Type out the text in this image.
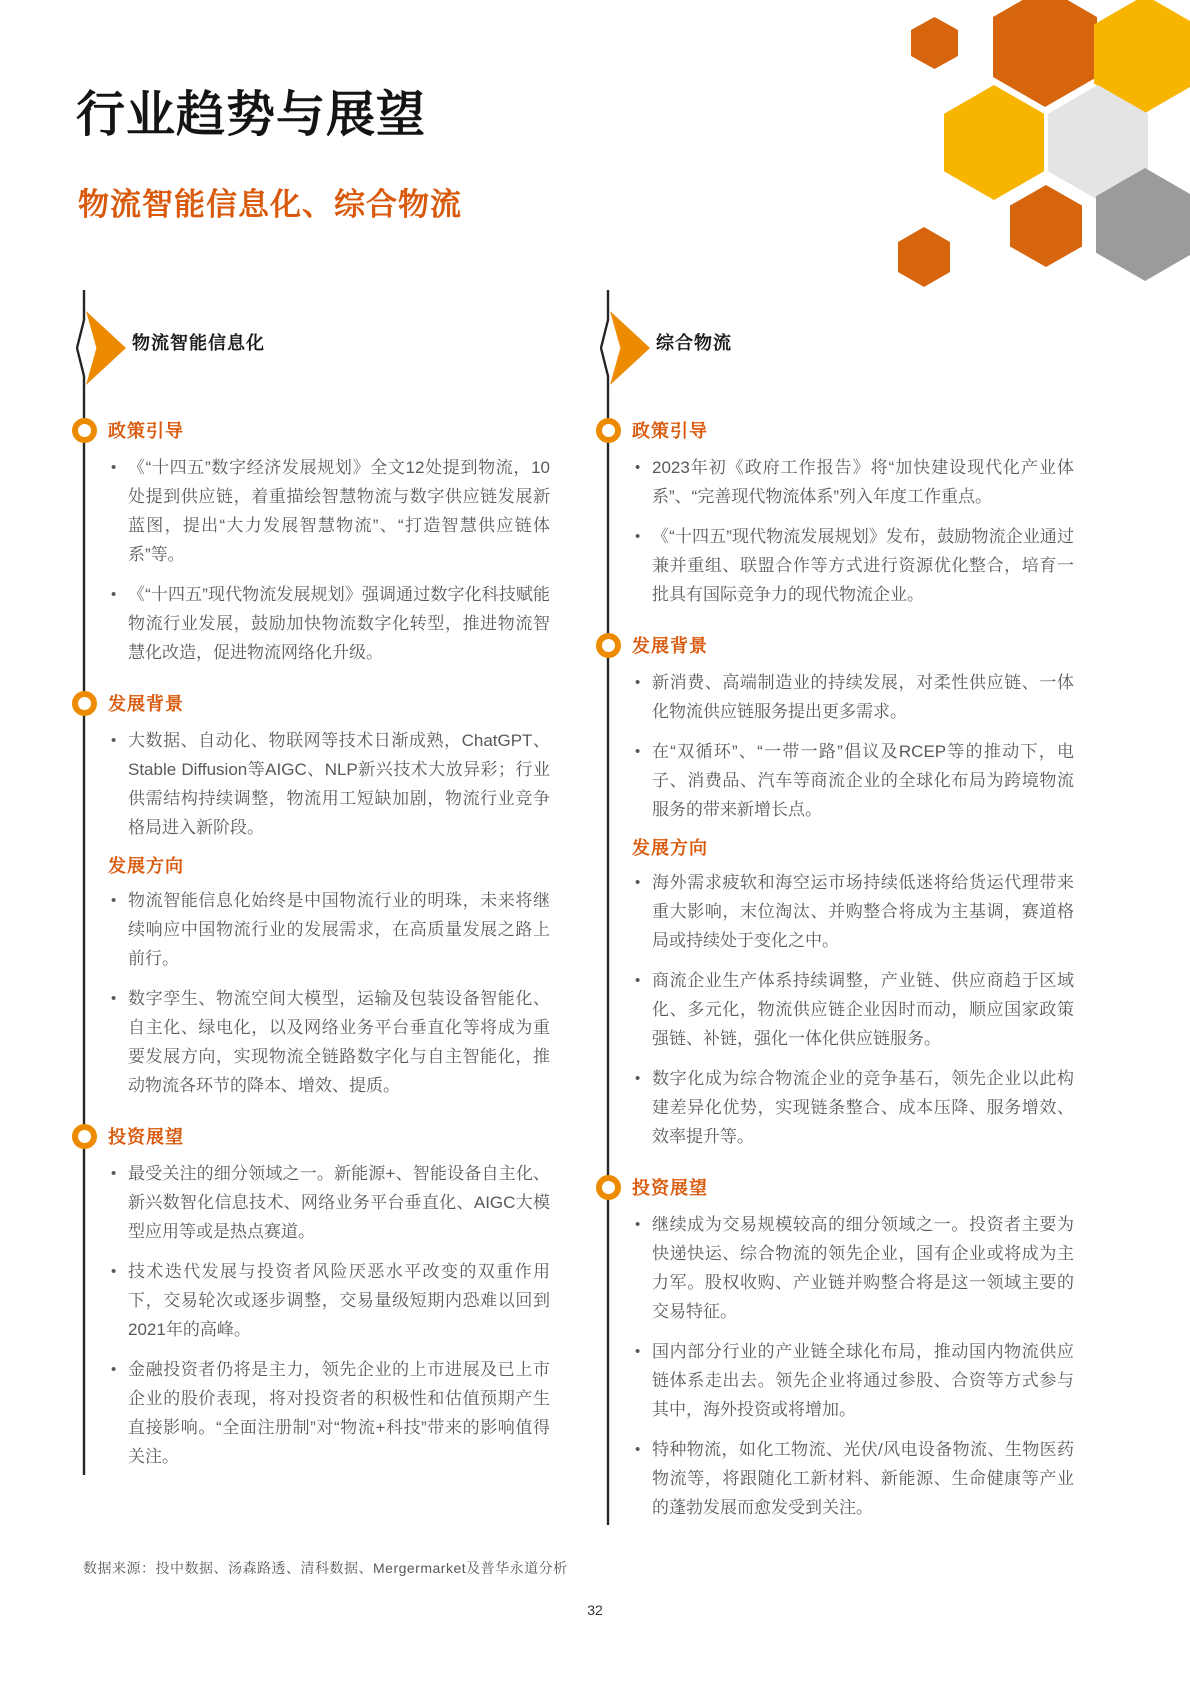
行业趋势与展望
物流智能信息化、综合物流
物流智能信息化
政策引导
• 《“十四五”数字经济发展规划》全文12处提到物流，10处提到供应链，着重描绘智慧物流与数字供应链发展新蓝图，提出“大力发展智慧物流”、“打造智慧供应链体系”等。
• 《“十四五”现代物流发展规划》强调通过数字化科技赋能物流行业发展，鼓励加快物流数字化转型，推进物流智慧化改造，促进物流网络化升级。
发展背景
• 大数据、自动化、物联网等技术日渐成熟，ChatGPT、Stable Diffusion等AIGC、NLP新兴技术大放异彩；行业供需结构持续调整，物流用工短缺加剧，物流行业竞争格局进入新阶段。
发展方向
• 物流智能信息化始终是中国物流行业的明珠，未来将继续响应中国物流行业的发展需求，在高质量发展之路上前行。
• 数字孪生、物流空间大模型，运输及包装设备智能化、自主化、绿电化，以及网络业务平台垂直化等将成为重要发展方向，实现物流全链路数字化与自主智能化，推动物流各环节的降本、增效、提质。
投资展望
• 最受关注的细分领域之一。新能源+、智能设备自主化、新兴数智化信息技术、网络业务平台垂直化、AIGC大模型应用等或是热点赛道。
• 技术迭代发展与投资者风险厌恶水平改变的双重作用下，交易轮次或逐步调整，交易量级短期内恐难以回到2021年的高峰。
• 金融投资者仍将是主力，领先企业的上市进展及已上市企业的股价表现，将对投资者的积极性和估值预期产生直接影响。“全面注册制”对“物流+科技”带来的影响值得关注。
综合物流
政策引导
• 2023年初《政府工作报告》将“加快建设现代化产业体系”、“完善现代物流体系”列入年度工作重点。
• 《“十四五”现代物流发展规划》发布，鼓励物流企业通过兼并重组、联盟合作等方式进行资源优化整合，培育一批具有国际竞争力的现代物流企业。
发展背景
• 新消费、高端制造业的持续发展，对柔性供应链、一体化物流供应链服务提出更多需求。
• 在“双循环”、“一带一路”倡议及RCEP等的推动下，电子、消费品、汽车等商流企业的全球化布局为跨境物流服务的带来新增长点。
发展方向
• 海外需求疲软和海空运市场持续低迷将给货运代理带来重大影响，末位淘汰、并购整合将成为主基调，赛道格局或持续处于变化之中。
• 商流企业生产体系持续调整，产业链、供应商趋于区域化、多元化，物流供应链企业因时而动，顺应国家政策强链、补链，强化一体化供应链服务。
• 数字化成为综合物流企业的竞争基石，领先企业以此构建差异化优势，实现链条整合、成本压降、服务增效、效率提升等。
投资展望
• 继续成为交易规模较高的细分领域之一。投资者主要为快递快运、综合物流的领先企业，国有企业或将成为主力军。股权收购、产业链并购整合将是这一领域主要的交易特征。
• 国内部分行业的产业链全球化布局，推动国内物流供应链体系走出去。领先企业将通过参股、合资等方式参与其中，海外投资或将增加。
• 特种物流，如化工物流、光伏/风电设备物流、生物医药物流等，将跟随化工新材料、新能源、生命健康等产业的蓬勃发展而愈发受到关注。
数据来源：投中数据、汤森路透、清科数据、Mergermarket及普华永道分析
32
